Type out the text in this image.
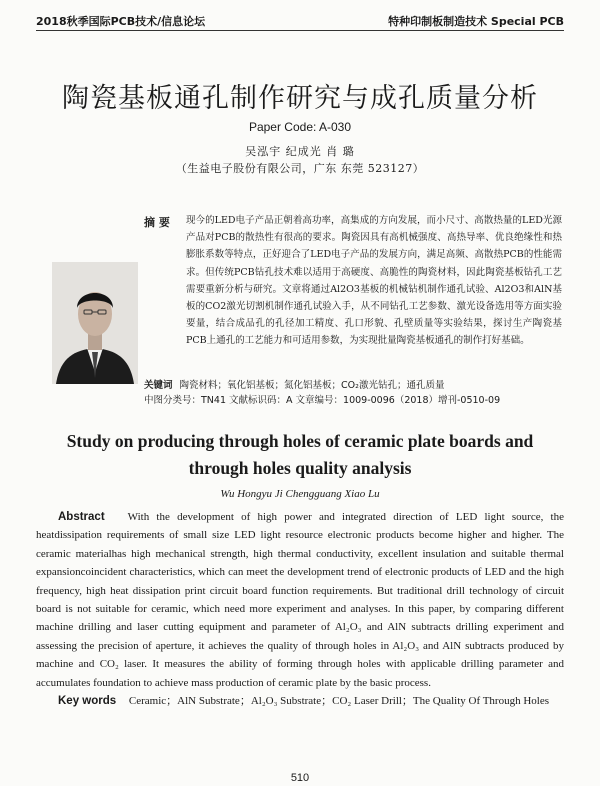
2018秋季国际PCB技术/信息论坛	特种印制板制造技术 Special PCB
陶瓷基板通孔制作研究与成孔质量分析
Paper Code: A-030
吴泓宇 纪成光 肖 璐
（生益电子股份有限公司，广东 东莞 523127）
摘 要 现今的LED电子产品正朝着高功率，高集成的方向发展，而小尺寸、高散热量的LED光源产品对PCB的散热性有很高的要求。陶瓷因具有高机械强度、高热导率、优良绝缘性和热膨胀系数等特点，正好迎合了LED电子产品的发展方向，满足高频、高散热PCB的性能需求。但传统PCB钻孔技术难以适用于高硬度、高脆性的陶瓷材料，因此陶瓷基板钻孔工艺需要重新分析与研究。文章将通过Al2O3基板的机械钻机制作通孔试验、Al2O3和AlN基板的CO2激光切割机制作通孔试验入手，从不同钻孔工艺参数、激光设备选用等方面实验要量，结合成品孔的孔径加工精度、孔口形貌、孔壁质量等实验结果，探讨生产陶瓷基PCB上通孔的工艺能力和可适用参数，为实现批量陶瓷基板通孔的制作打好基础。
关键词 陶瓷材料；氧化铝基板；氮化铝基板；CO₂激光钻孔；通孔质量
中图分类号：TN41 文献标识码：A 文章编号：1009-0096（2018）增刊-0510-09
Study on producing through holes of ceramic plate boards and through holes quality analysis
Wu Hongyu Ji Chengguang Xiao Lu
Abstract With the development of high power and integrated direction of LED light source, the heatdissipation requirements of small size LED light resource electronic products become higher and higher. The ceramic materialhas high mechanical strength, high thermal conductivity, excellent insulation and suitable thermal expansioncoincident characteristics, which can meet the development trend of electronic products of LED and the high frequency, high heat dissipation print circuit board function requirements. But traditional drill technology of circuit board is not suitable for ceramic, which need more experiment and analyses. In this paper, by comparing different machine drilling and laser cutting equipment and parameter of Al₂O₃ and AlN subtracts drilling experiment and assessing the precision of aperture, it achieves the quality of through holes in Al₂O₃ and AlN subtracts produced by machine and CO₂ laser. It measures the ability of forming through holes with applicable drilling parameter and accumulates foundation to achieve mass production of ceramic plate by the basic process.
Key words Ceramic；AlN Substrate；Al₂O₃ Substrate；CO₂ Laser Drill；The Quality Of Through Holes
510
